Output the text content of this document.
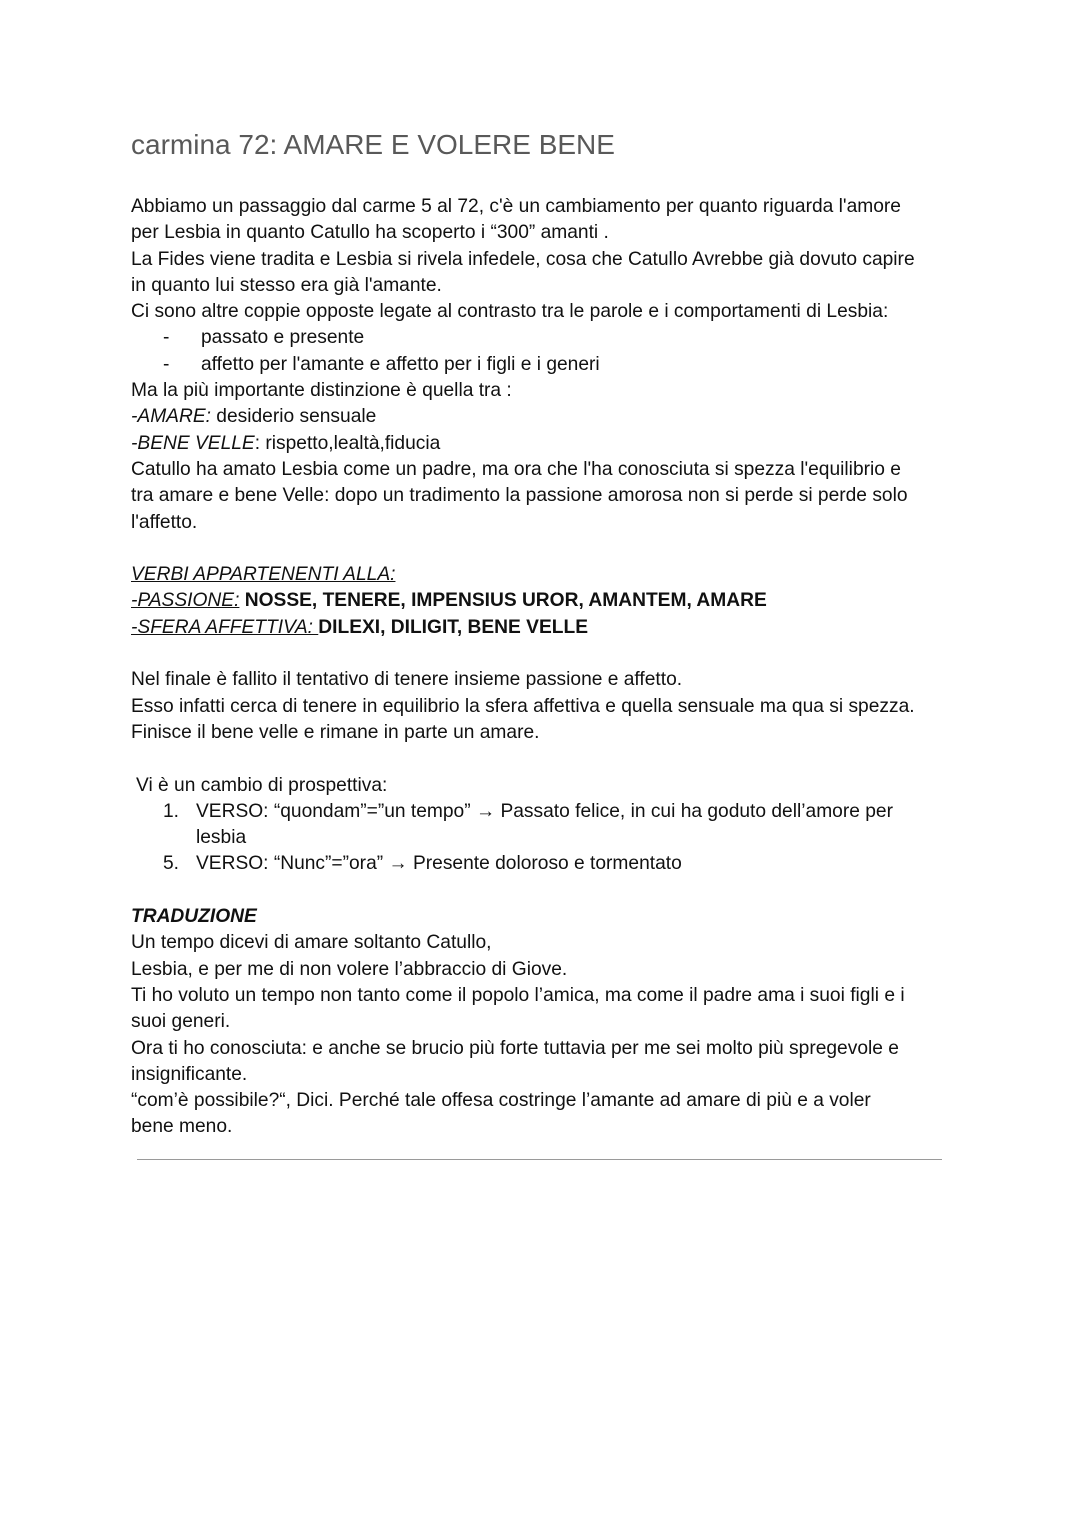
carmina 72: AMARE E VOLERE BENE
Abbiamo un passaggio dal carme 5 al 72, c'è un cambiamento per quanto riguarda l'amore
per Lesbia in quanto Catullo ha scoperto i “300” amanti .
La Fides viene tradita e Lesbia si rivela infedele, cosa che Catullo Avrebbe già dovuto capire
in quanto lui stesso era già l'amante.
Ci sono altre coppie opposte legate al contrasto tra le parole e i comportamenti di Lesbia:
- passato e presente
- affetto per l'amante e affetto per i figli e i generi
Ma la più importante distinzione è quella tra :
-AMARE: desiderio sensuale
-BENE VELLE: rispetto,lealtà,fiducia
Catullo ha amato Lesbia come un padre, ma ora che l'ha conosciuta si spezza l'equilibrio e
tra amare e bene Velle: dopo un tradimento la passione amorosa non si perde si perde solo
l'affetto.
VERBI APPARTENENTI ALLA:
-PASSIONE: NOSSE, TENERE, IMPENSIUS UROR, AMANTEM, AMARE
-SFERA AFFETTIVA: DILEXI, DILIGIT, BENE VELLE
Nel finale è fallito il tentativo di tenere insieme passione e affetto.
Esso infatti cerca di tenere in equilibrio la sfera affettiva e quella sensuale ma qua si spezza.
Finisce il bene velle e rimane in parte un amare.
Vi è un cambio di prospettiva:
1. VERSO: “quondam”=”un tempo” → Passato felice, in cui ha goduto dell’amore per
lesbia
5. VERSO: “Nunc”=”ora” → Presente doloroso e tormentato
TRADUZIONE
Un tempo dicevi di amare soltanto Catullo,
Lesbia, e per me di non volere l’abbraccio di Giove.
Ti ho voluto un tempo non tanto come il popolo l’amica, ma come il padre ama i suoi figli e i
suoi generi.
Ora ti ho conosciuta: e anche se brucio più forte tuttavia per me sei molto più spregevole e
insignificante.
“com’è possibile?“, Dici. Perché tale offesa costringe l’amante ad amare di più e a voler
bene meno.
